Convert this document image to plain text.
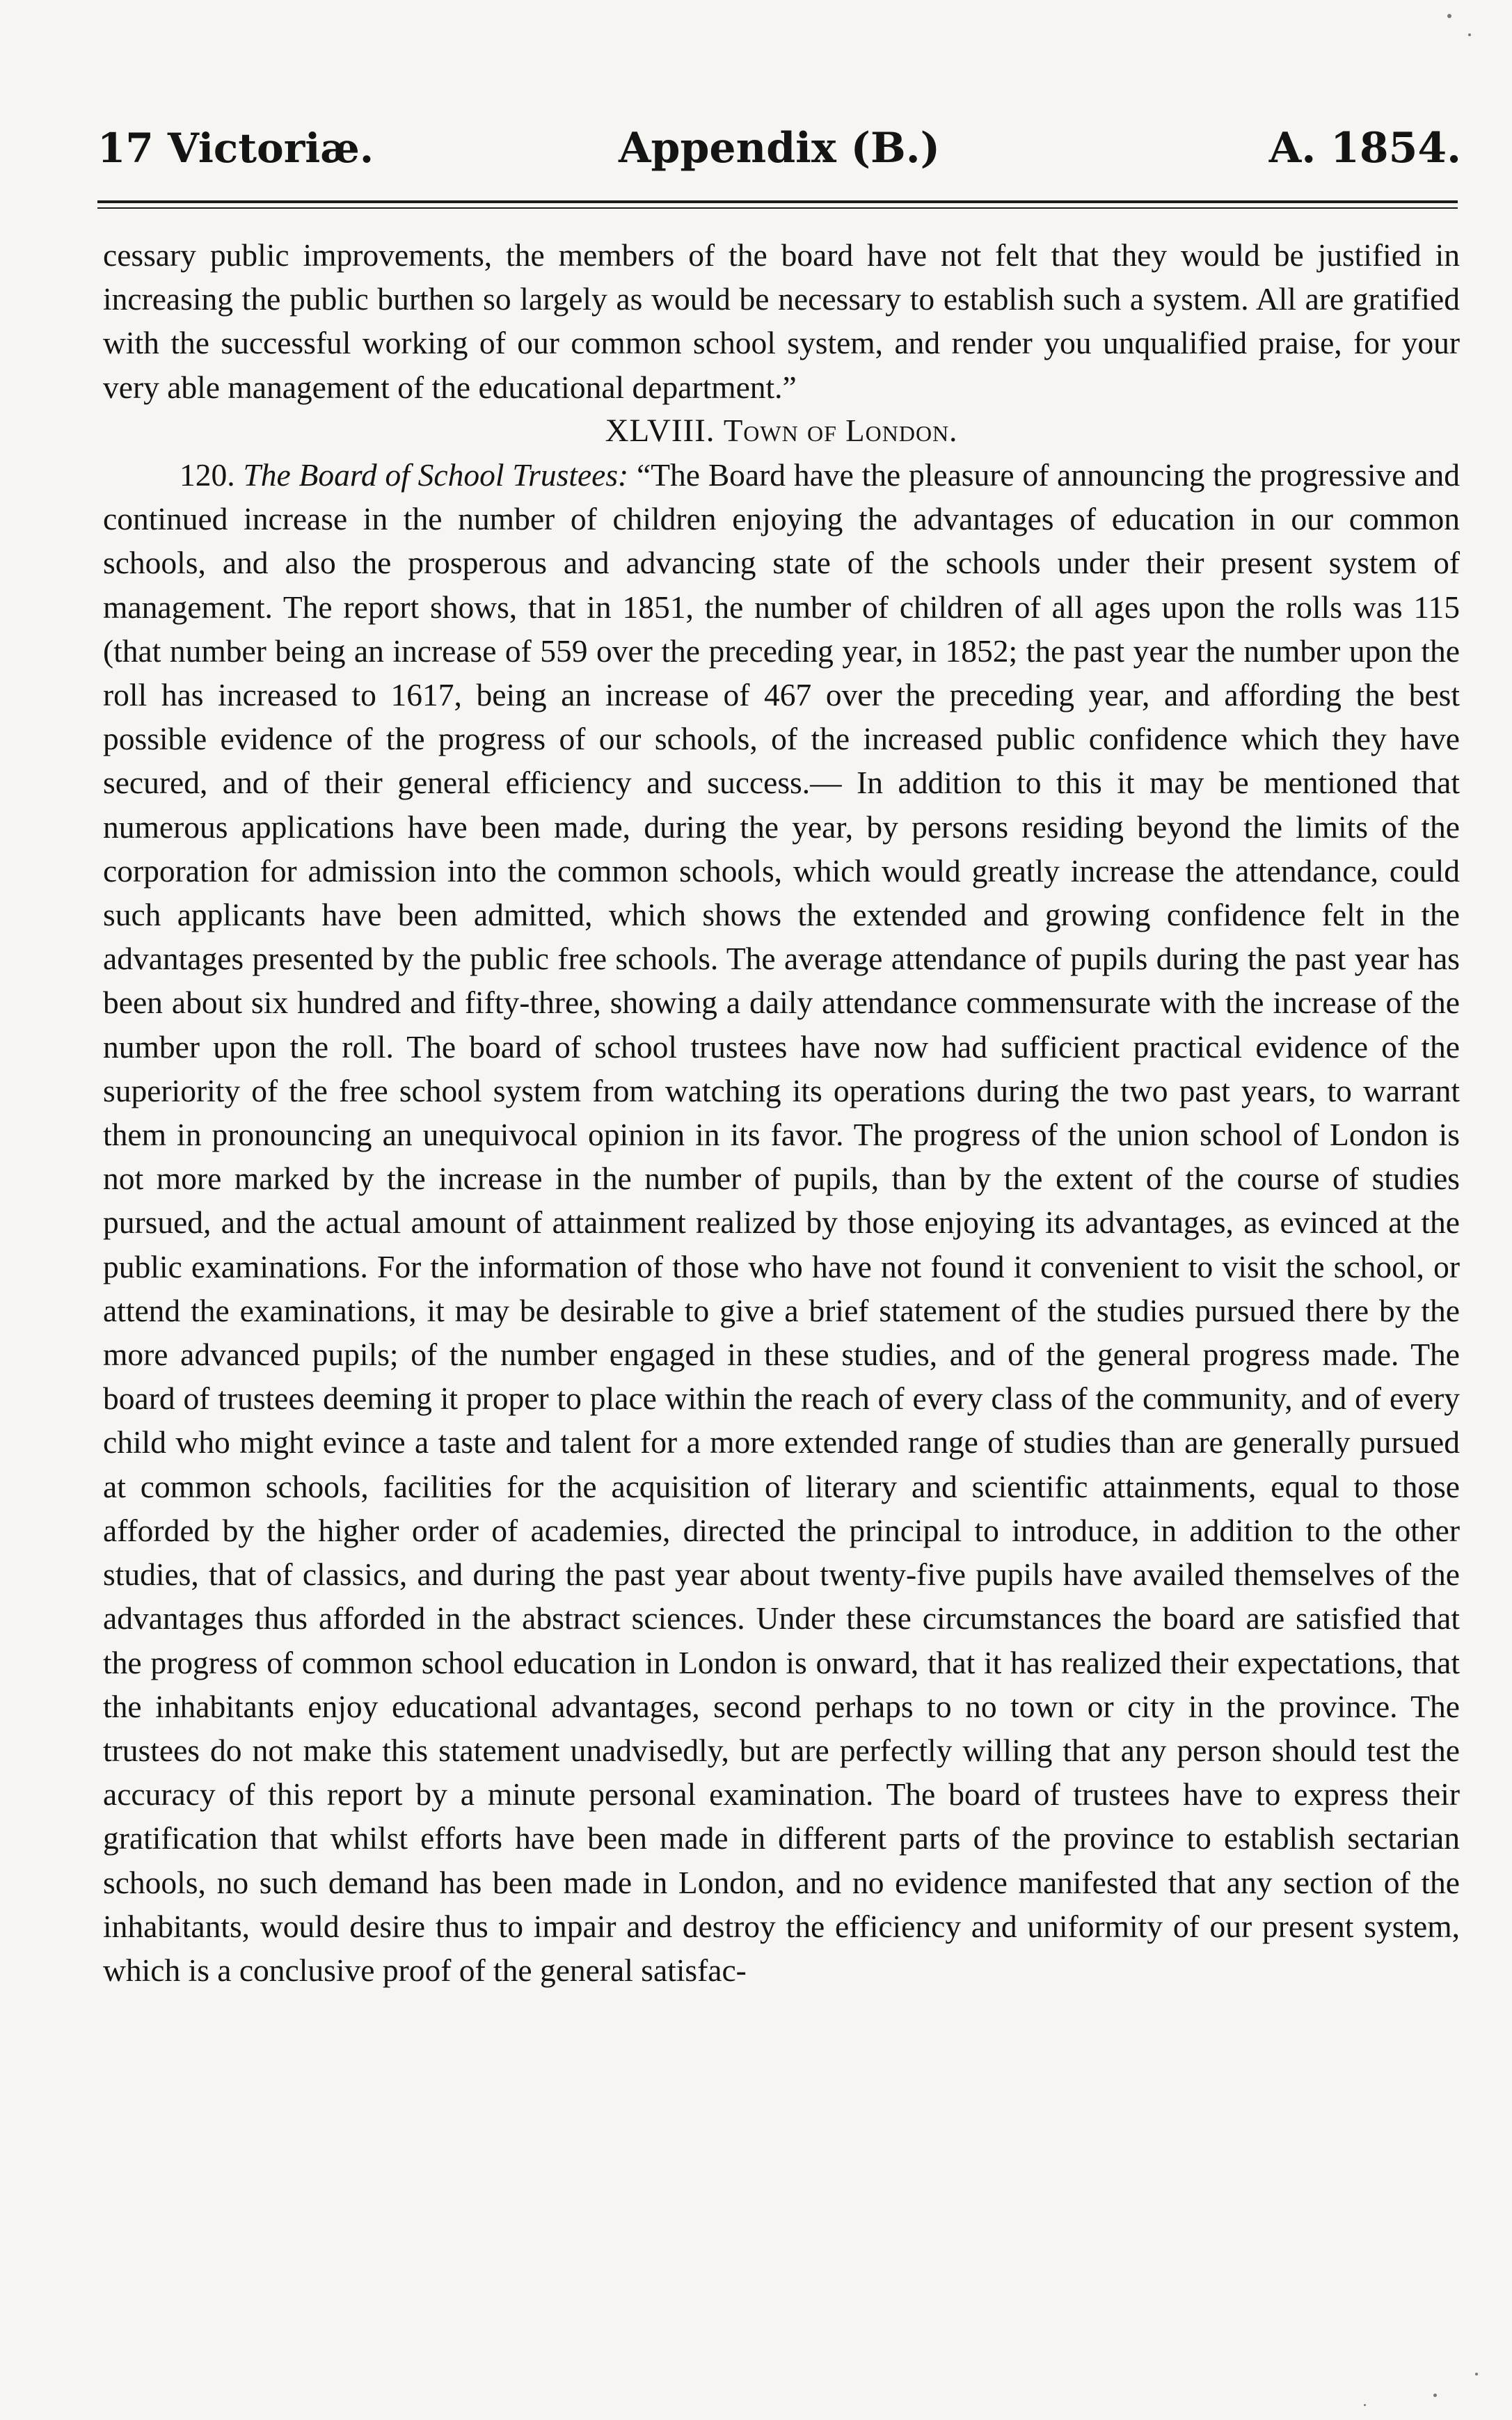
17 Victoriæ.	Appendix (B.)	A. 1854.

cessary public improvements, the members of the board have not felt that they would be justified in increasing the public burthen so largely as would be necessary to establish such a system. All are gratified with the successful working of our common school system, and render you unqualified praise, for your very able management of the educational department.”

XLVIII. Town of London.

120. The Board of School Trustees: “The Board have the pleasure of announcing the progressive and continued increase in the number of children enjoying the advantages of education in our common schools, and also the prosperous and advancing state of the schools under their present system of management. The report shows, that in 1851, the number of children of all ages upon the rolls was 115 (that number being an increase of 559 over the preceding year, in 1852; the past year the number upon the roll has increased to 1617, being an increase of 467 over the preceding year, and affording the best possible evidence of the progress of our schools, of the increased public confidence which they have secured, and of their general efficiency and success.— In addition to this it may be mentioned that numerous applications have been made, during the year, by persons residing beyond the limits of the corporation for admission into the common schools, which would greatly increase the attendance, could such applicants have been admitted, which shows the extended and growing confidence felt in the advantages presented by the public free schools. The average attendance of pupils during the past year has been about six hundred and fifty-three, showing a daily attendance commensurate with the increase of the number upon the roll. The board of school trustees have now had sufficient practical evidence of the superiority of the free school system from watching its operations during the two past years, to warrant them in pronouncing an unequivocal opinion in its favor. The progress of the union school of London is not more marked by the increase in the number of pupils, than by the extent of the course of studies pursued, and the actual amount of attainment realized by those enjoying its advantages, as evinced at the public examinations. For the information of those who have not found it convenient to visit the school, or attend the examinations, it may be desirable to give a brief statement of the studies pursued there by the more advanced pupils; of the number engaged in these studies, and of the general progress made. The board of trustees deeming it proper to place within the reach of every class of the community, and of every child who might evince a taste and talent for a more extended range of studies than are generally pursued at common schools, facilities for the acquisition of literary and scientific attainments, equal to those afforded by the higher order of academies, directed the principal to introduce, in addition to the other studies, that of classics, and during the past year about twenty-five pupils have availed themselves of the advantages thus afforded in the abstract sciences. Under these circumstances the board are satisfied that the progress of common school education in London is onward, that it has realized their expectations, that the inhabitants enjoy educational advantages, second perhaps to no town or city in the province. The trustees do not make this statement unadvisedly, but are perfectly willing that any person should test the accuracy of this report by a minute personal examination. The board of trustees have to express their gratification that whilst efforts have been made in different parts of the province to establish sectarian schools, no such demand has been made in London, and no evidence manifested that any section of the inhabitants, would desire thus to impair and destroy the efficiency and uniformity of our present system, which is a conclusive proof of the general satisfac-
